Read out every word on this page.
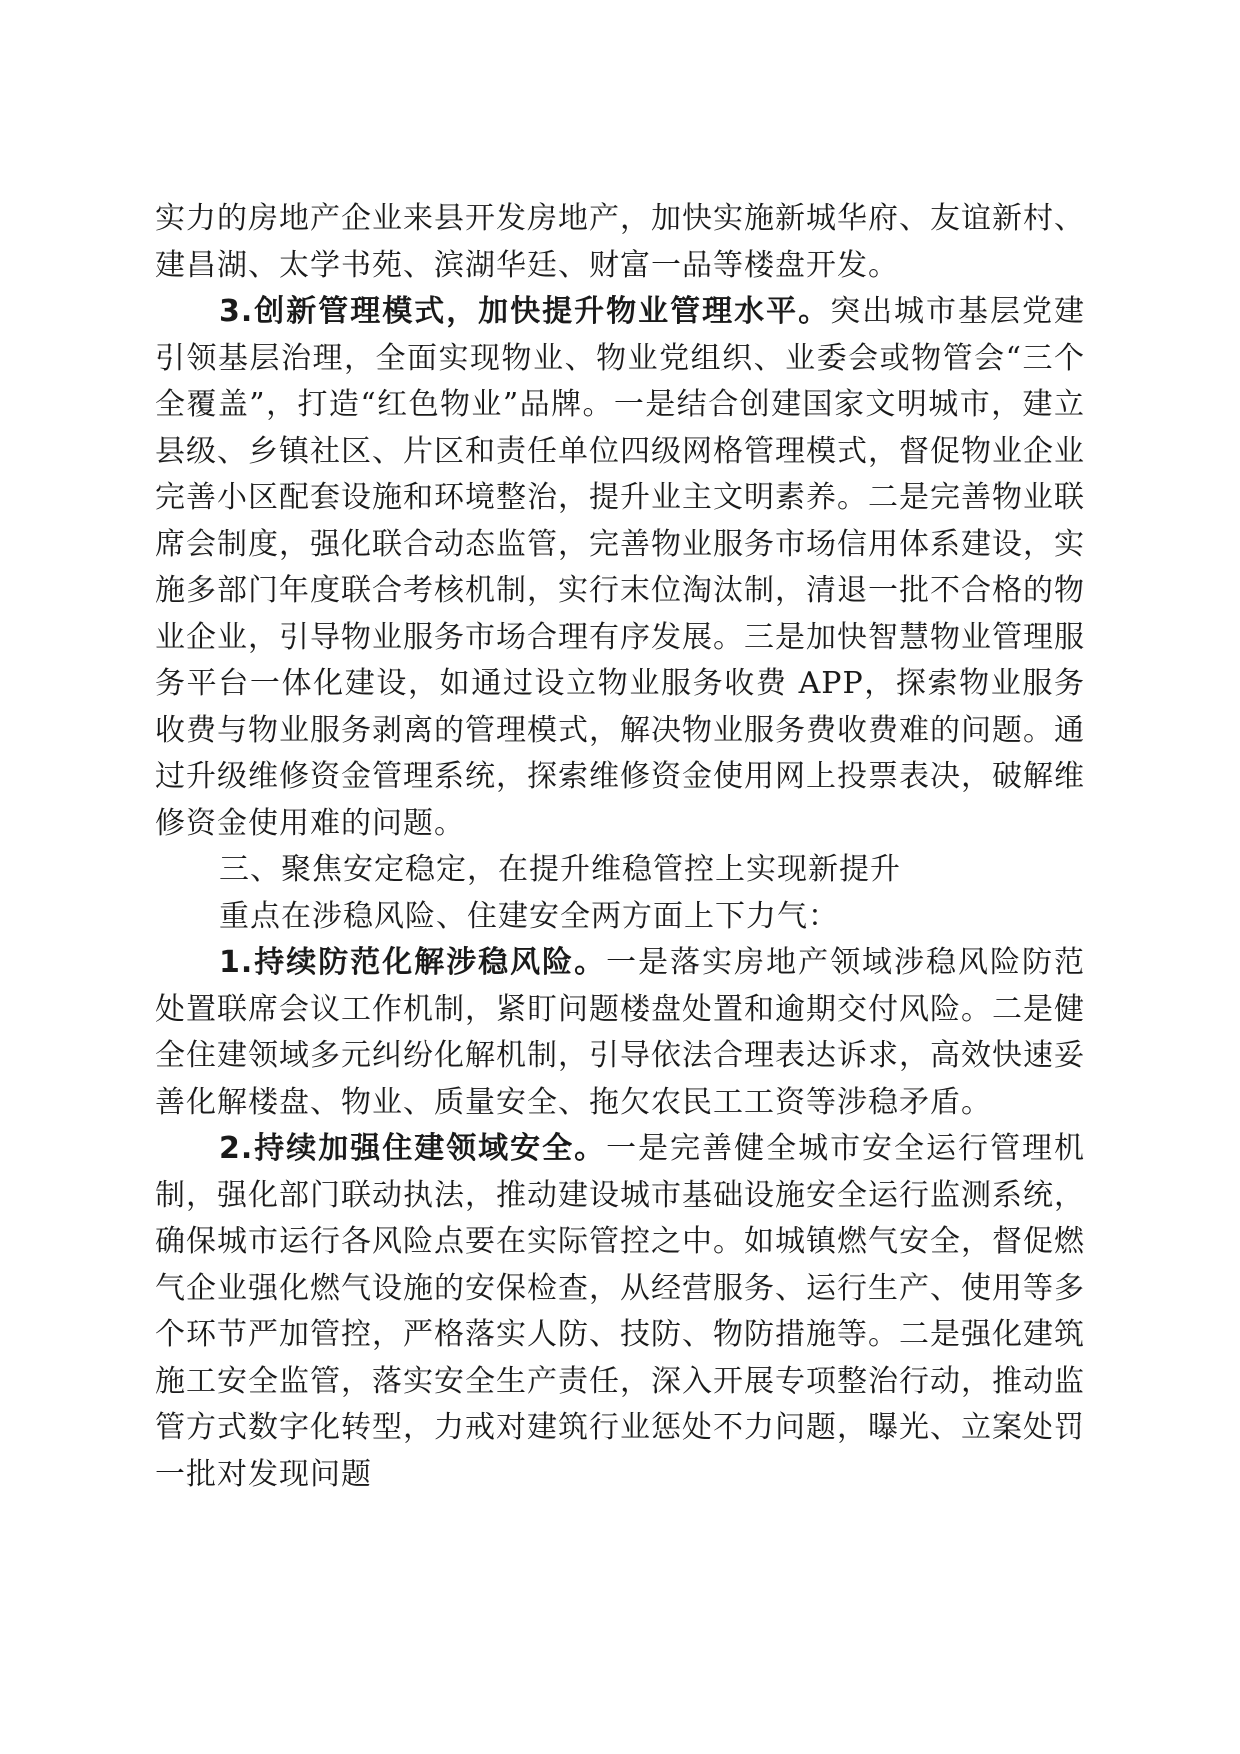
实力的房地产企业来县开发房地产，加快实施新城华府、友谊新村、建昌湖、太学书苑、滨湖华廷、财富一品等楼盘开发。

3.创新管理模式，加快提升物业管理水平。突出城市基层党建引领基层治理，全面实现物业、物业党组织、业委会或物管会“三个全覆盖”，打造“红色物业”品牌。一是结合创建国家文明城市，建立县级、乡镇社区、片区和责任单位四级网格管理模式，督促物业企业完善小区配套设施和环境整治，提升业主文明素养。二是完善物业联席会制度，强化联合动态监管，完善物业服务市场信用体系建设，实施多部门年度联合考核机制，实行末位淘汰制，清退一批不合格的物业企业，引导物业服务市场合理有序发展。三是加快智慧物业管理服务平台一体化建设，如通过设立物业服务收费 APP，探索物业服务收费与物业服务剥离的管理模式，解决物业服务费收费难的问题。通过升级维修资金管理系统，探索维修资金使用网上投票表决，破解维修资金使用难的问题。

三、聚焦安定稳定，在提升维稳管控上实现新提升

重点在涉稳风险、住建安全两方面上下力气：

1.持续防范化解涉稳风险。一是落实房地产领域涉稳风险防范处置联席会议工作机制，紧盯问题楼盘处置和逾期交付风险。二是健全住建领域多元纠纷化解机制，引导依法合理表达诉求，高效快速妥善化解楼盘、物业、质量安全、拖欠农民工工资等涉稳矛盾。

2.持续加强住建领域安全。一是完善健全城市安全运行管理机制，强化部门联动执法，推动建设城市基础设施安全运行监测系统，确保城市运行各风险点要在实际管控之中。如城镇燃气安全，督促燃气企业强化燃气设施的安保检查，从经营服务、运行生产、使用等多个环节严加管控，严格落实人防、技防、物防措施等。二是强化建筑施工安全监管，落实安全生产责任，深入开展专项整治行动，推动监管方式数字化转型，力戒对建筑行业惩处不力问题，曝光、立案处罚一批对发现问题
